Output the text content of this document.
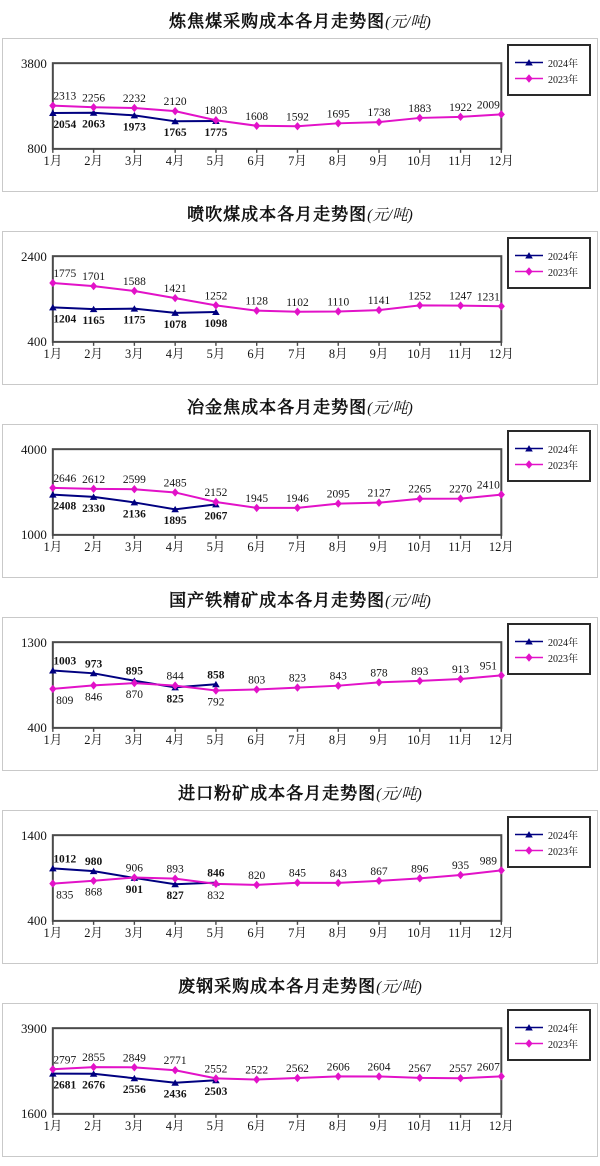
炼焦煤采购成本各月走势图(元/吨)
1月 2月 3月 4月 5月 6月 7月 8月 9月 10月 11月 12月
3800
800
2054 2063 1973 1765 1775
2313 2256 2232 2120
1803 1608 1592 1695 1738 1883 1922 2009
2024年
2023年
喷吹煤成本各月走势图(元/吨)
1月 2月 3月 4月 5月 6月 7月 8月 9月 10月 11月 12月
2400
400
1204 1165 1175 1078 1098
1775 1701 1588
1421
1252 1128 1102 1110 1141 1252 1247 1231
2024年
2023年
冶金焦成本各月走势图(元/吨)
1月 2月 3月 4月 5月 6月 7月 8月 9月 10月 11月 12月
4000
1000
2408 2330 2136
1895 2067
2646 2612 2599 2485
2152 1945 1946 2095 2127 2265 2270 2410
2024年
2023年
国产铁精矿成本各月走势图(元/吨)
1月 2月 3月 4月 5月 6月 7月 8月 9月 10月 11月 12月
1300
400
1003 973
895
825
858
809 846 870
844
792
803 823 843 878 893 913 951
2024年
2023年
进口粉矿成本各月走势图(元/吨)
1月 2月 3月 4月 5月 6月 7月 8月 9月 10月 11月 12月
1400
400
1012 980
901
827
846
835 868
906 893
832
820 845 843 867 896 935 989
2024年
2023年
废钢采购成本各月走势图(元/吨)
1月 2月 3月 4月 5月 6月 7月 8月 9月 10月 11月 12月
3900
1600
2681 2676 2556 2436 2503
2797 2855 2849 2771
2552 2522 2562 2606 2604 2567 2557 2607
2024年
2023年
